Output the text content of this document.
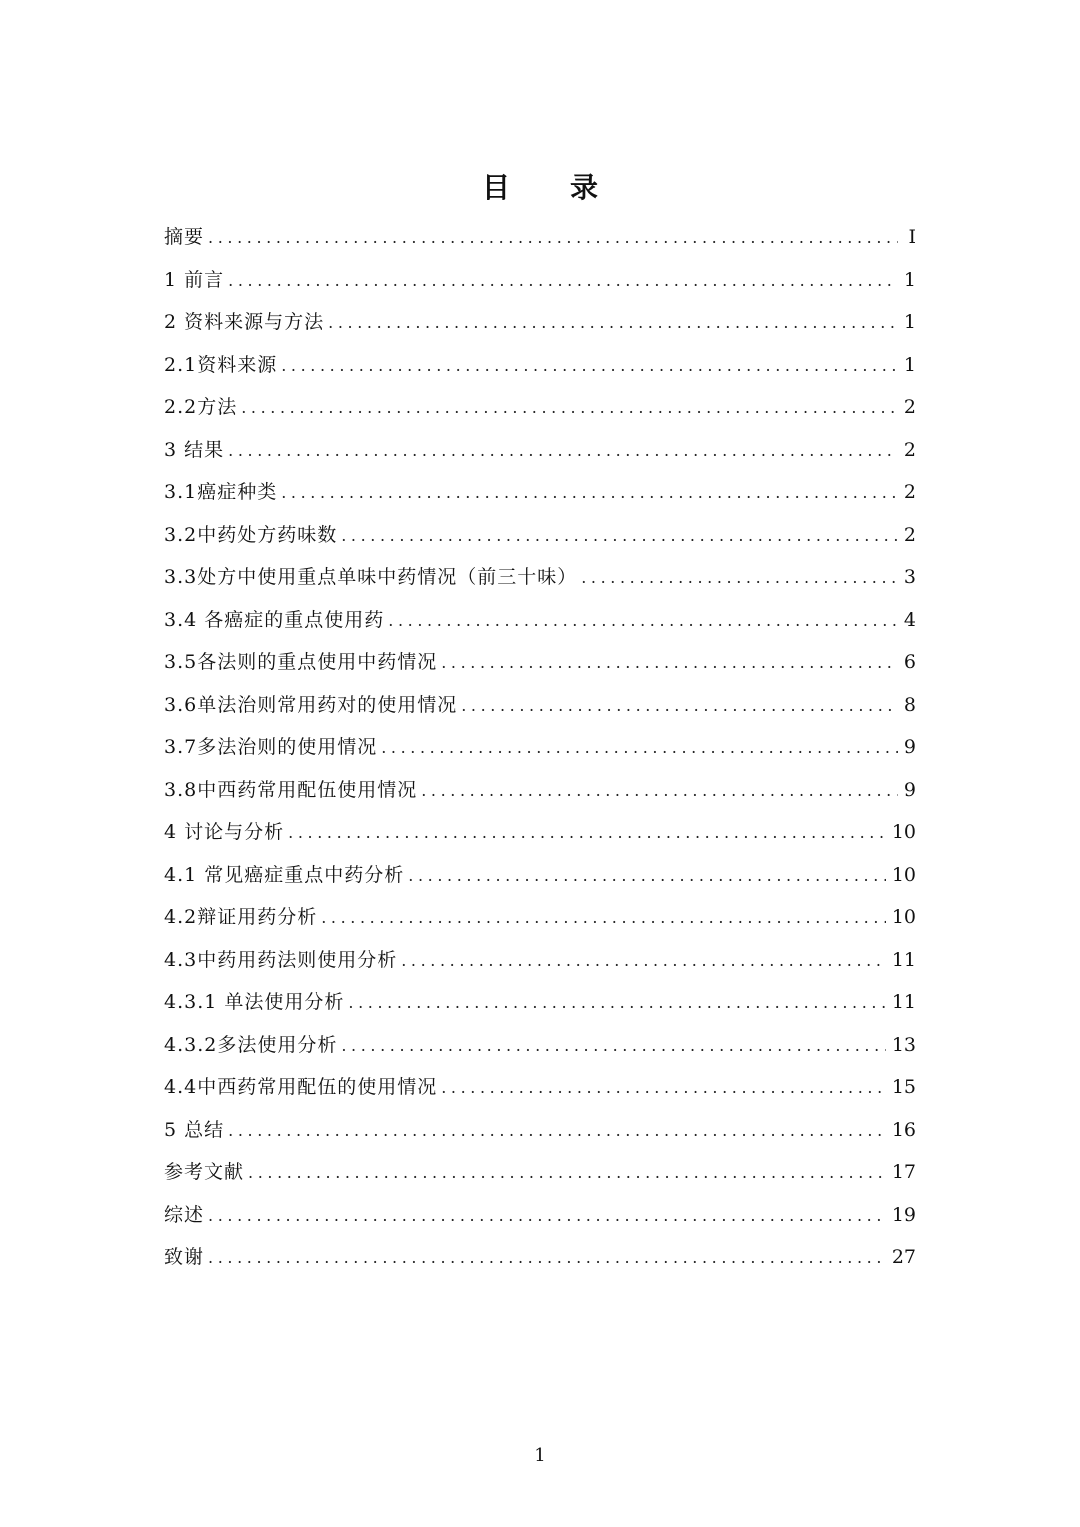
目录
摘要 .....	I
1 前言 .....	1
2 资料来源与方法 .....	1
2.1资料来源 .....	1
2.2方法 .....	2
3 结果 .....	2
3.1癌症种类 .....	2
3.2中药处方药味数 .....	2
3.3处方中使用重点单味中药情况（前三十味） .....	3
3.4 各癌症的重点使用药 .....	4
3.5各法则的重点使用中药情况 .....	6
3.6单法治则常用药对的使用情况 .....	8
3.7多法治则的使用情况 .....	9
3.8中西药常用配伍使用情况 .....	9
4 讨论与分析 .....	10
4.1 常见癌症重点中药分析 .....	10
4.2辩证用药分析 .....	10
4.3中药用药法则使用分析 .....	11
4.3.1 单法使用分析 .....	11
4.3.2多法使用分析 .....	13
4.4中西药常用配伍的使用情况 .....	15
5 总结 .....	16
参考文献 .....	17
综述 .....	19
致谢 .....	27
1
